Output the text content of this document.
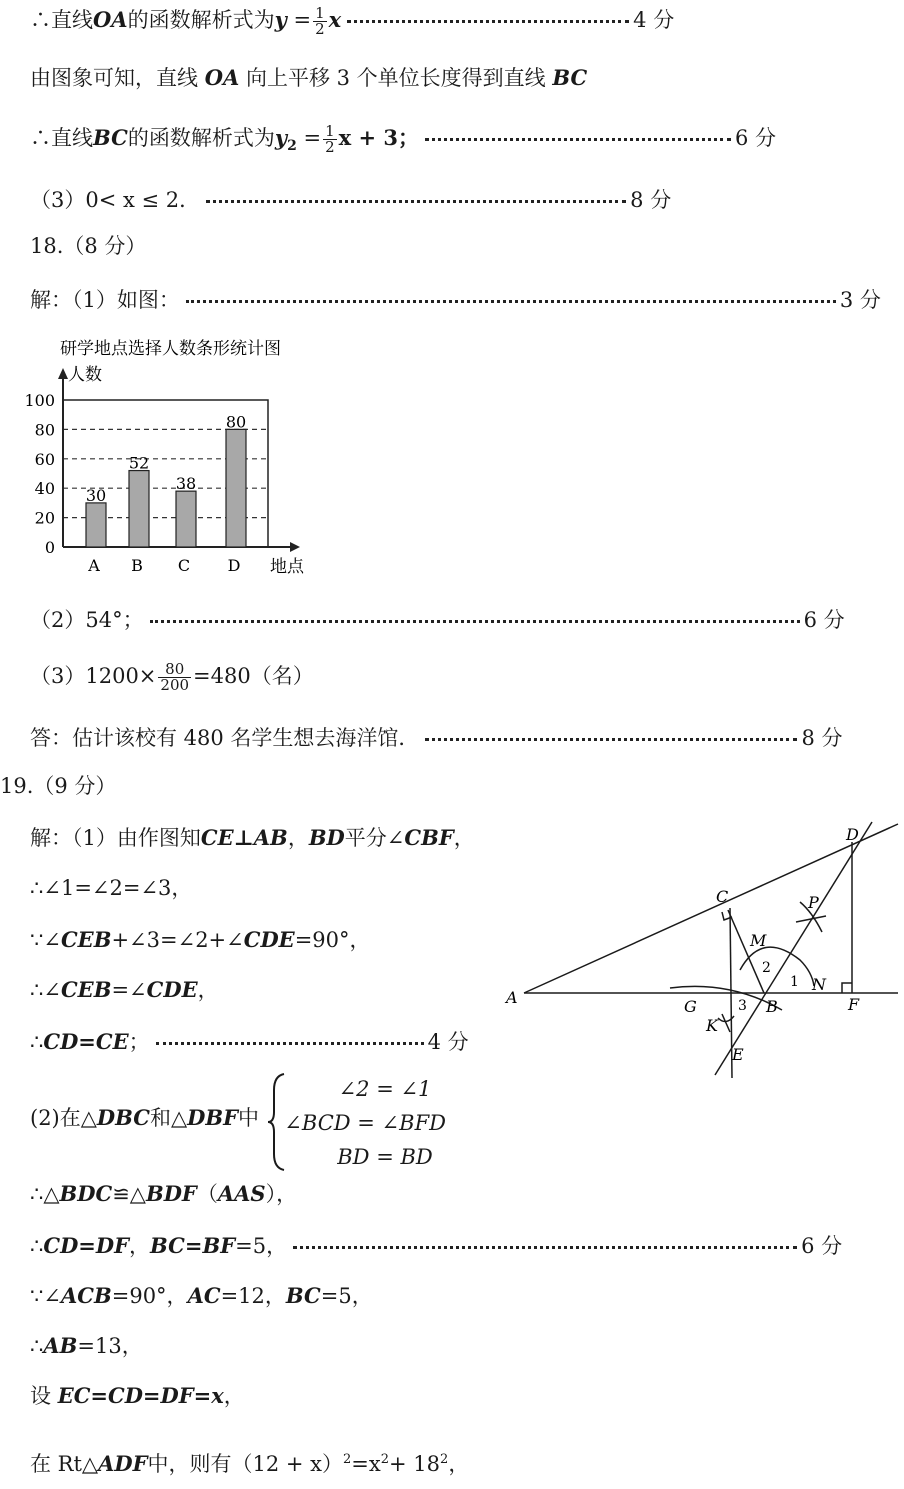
∴直线OA的函数解析式为$y = \frac{1}{2}$ x	4 分
由图象可知，直线 OA 向上平移 3 个单位长度得到直线 BC
∴直线BC的函数解析式为$y_2 = \frac{1}{2}$ x + 3；	6 分
（3）0< x ≤ 2．	8 分
18.（8 分）
解：（1）如图：	3 分
研学地点选择人数条形统计图
人数
地点
0
20
40
60
80
100
30
A
52
B
38
C
80
D
（2）54°；	6 分
$(3)1200\times \frac{80}{200} =480$（名）
答：估计该校有 480 名学生想去海洋馆．	8 分
19.（9 分）
解：（1）由作图知CE⊥AB，BD平分∠CBF，
∴∠1=∠2=∠3，
∵∠CEB+∠3=∠2+∠CDE=90°，
∴∠CEB=∠CDE，
∴CD=CE；	4 分
(2)在△DBC和△DBF中
∠2 = ∠1
∠BCD = ∠BFD
BD = BD
∴△BDC≌△BDF（AAS），
∴CD=DF，BC=BF=5，	6 分
∵∠ACB=90°，AC=12，BC=5，
∴AB=13，
设 EC=CD=DF=x，
在 Rt△ADF中，则有$(12 + x)^2=x^2+ 18^2$，
A	B
C
D
F
E
K
G
M
N
P
1
2
3
